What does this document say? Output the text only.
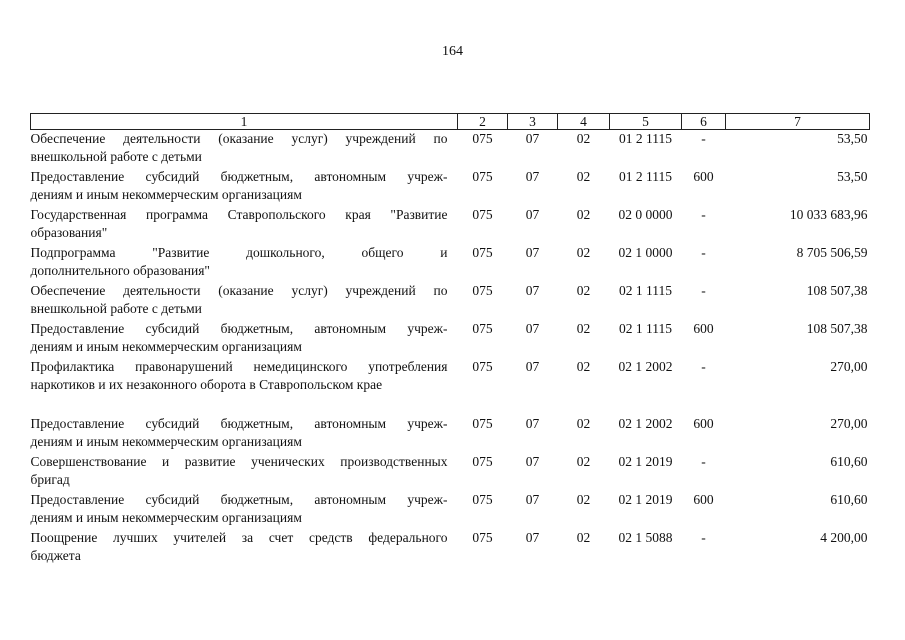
164
1	2	3	4	5	6	7
Обеспечение деятельности (оказание услуг) учреждений по
внешкольной работе с детьми	075	07	02	01 2 1115	-	53,50
Предоставление субсидий бюджетным, автономным учреж-
дениям и иным некоммерческим организациям	075	07	02	01 2 1115	600	53,50
Государственная программа Ставропольского края "Развитие
образования"	075	07	02	02 0 0000	-	10 033 683,96
Подпрограмма "Развитие дошкольного, общего и
дополнительного образования"	075	07	02	02 1 0000	-	8 705 506,59
Обеспечение деятельности (оказание услуг) учреждений по
внешкольной работе с детьми	075	07	02	02 1 1115	-	108 507,38
Предоставление субсидий бюджетным, автономным учреж-
дениям и иным некоммерческим организациям	075	07	02	02 1 1115	600	108 507,38
Профилактика правонарушений немедицинского употребления
наркотиков и их незаконного оборота в Ставропольском крае	075	07	02	02 1 2002	-	270,00
Предоставление субсидий бюджетным, автономным учреж-
дениям и иным некоммерческим организациям	075	07	02	02 1 2002	600	270,00
Совершенствование и развитие ученических производственных
бригад	075	07	02	02 1 2019	-	610,60
Предоставление субсидий бюджетным, автономным учреж-
дениям и иным некоммерческим организациям	075	07	02	02 1 2019	600	610,60
Поощрение лучших учителей за счет средств федерального
бюджета	075	07	02	02 1 5088	-	4 200,00
